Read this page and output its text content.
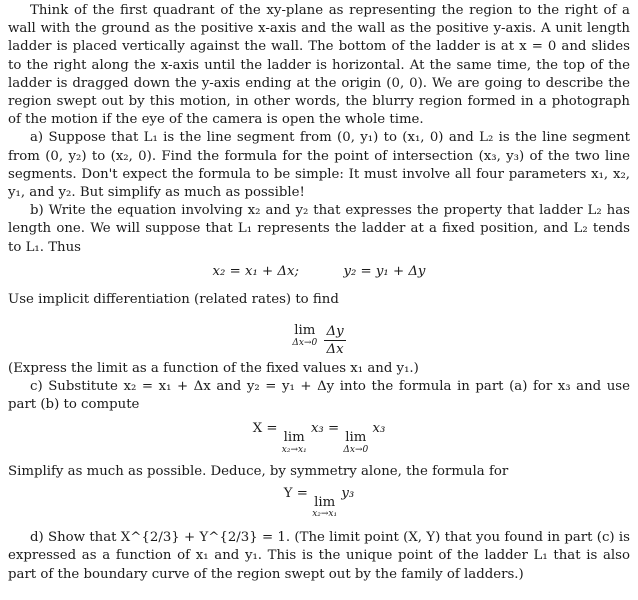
Think of the first quadrant of the xy-plane as representing the region to the right of a wall with the ground as the positive x-axis and the wall as the positive y-axis. A unit length ladder is placed vertically against the wall. The bottom of the ladder is at x = 0 and slides to the right along the x-axis until the ladder is horizontal. At the same time, the top of the ladder is dragged down the y-axis ending at the origin (0, 0). We are going to describe the region swept out by this motion, in other words, the blurry region formed in a photograph of the motion if the eye of the camera is open the whole time.

a) Suppose that L₁ is the line segment from (0, y₁) to (x₁, 0) and L₂ is the line segment from (0, y₂) to (x₂, 0). Find the formula for the point of intersection (x₃, y₃) of the two line segments. Don't expect the formula to be simple: It must involve all four parameters x₁, x₂, y₁, and y₂. But simplify as much as possible!

b) Write the equation involving x₂ and y₂ that expresses the property that ladder L₂ has length one. We will suppose that L₁ represents the ladder at a fixed position, and L₂ tends to L₁. Thus

x₂ = x₁ + Δx;	y₂ = y₁ + Δy

Use implicit differentiation (related rates) to find

lim
Δx→0
$\frac{\Delta y}{\Delta x}$

(Express the limit as a function of the fixed values x₁ and y₁.)

c) Substitute x₂ = x₁ + Δx and y₂ = y₁ + Δy into the formula in part (a) for x₃ and use part (b) to compute

X =
lim
x₂→x₁
x₃ =
lim
Δx→0
x₃

Simplify as much as possible. Deduce, by symmetry alone, the formula for

Y =
lim
x₂→x₁
y₃

d) Show that X^{2/3} + Y^{2/3} = 1. (The limit point (X, Y) that you found in part (c) is expressed as a function of x₁ and y₁. This is the unique point of the ladder L₁ that is also part of the boundary curve of the region swept out by the family of ladders.)
